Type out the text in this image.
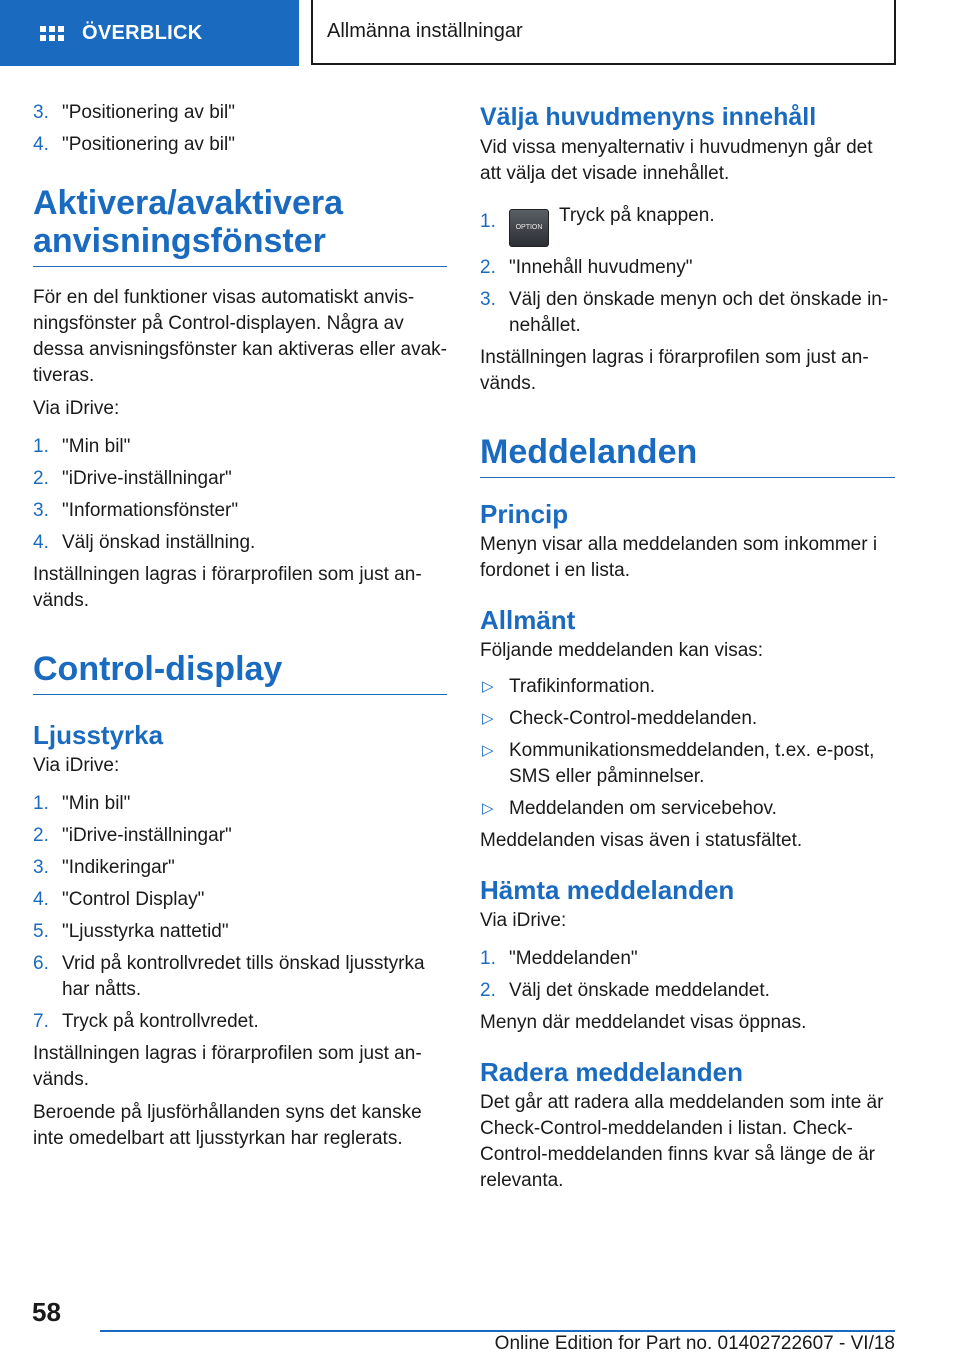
ÖVERBLICK	Allmänna inställningar
3. "Positionering av bil"
4. "Positionering av bil"
Aktivera/avaktivera anvisningsfönster

För en del funktioner visas automatiskt anvisningsfönster på Control-displayen. Några av dessa anvisningsfönster kan aktiveras eller avaktiveras.

Via iDrive:

1. "Min bil"
2. "iDrive-inställningar"
3. "Informationsfönster"
4. Välj önskad inställning.

Inställningen lagras i förarprofilen som just används.

Control-display
Ljusstyrka

Via iDrive:

1. "Min bil"
2. "iDrive-inställningar"
3. "Indikeringar"
4. "Control Display"
5. "Ljusstyrka nattetid"
6. Vrid på kontrollvredet tills önskad ljusstyrka har nåtts.
7. Tryck på kontrollvredet.

Inställningen lagras i förarprofilen som just används.

Beroende på ljusförhållanden syns det kanske inte omedelbart att ljusstyrkan har reglerats.

Välja huvudmenyns innehåll

Vid vissa menyalternativ i huvudmenyn går det att välja det visade innehållet.

1.	OPTIONTryck på knappen.
2. "Innehåll huvudmeny"
3. Välj den önskade menyn och det önskade innehållet.

Inställningen lagras i förarprofilen som just används.

Meddelanden
Princip

Menyn visar alla meddelanden som inkommer i fordonet i en lista.

Allmänt

Följande meddelanden kan visas:

▷ Trafikinformation.
▷ Check-Control-meddelanden.
▷ Kommunikationsmeddelanden, t.ex. e-post, SMS eller påminnelser.
▷ Meddelanden om servicebehov.

Meddelanden visas även i statusfältet.

Hämta meddelanden

Via iDrive:

1. "Meddelanden"
2. Välj det önskade meddelandet.

Menyn där meddelandet visas öppnas.

Radera meddelanden

Det går att radera alla meddelanden som inte är Check-Control-meddelanden i listan. Check-Control-meddelanden finns kvar så länge de är relevanta.

58
Online Edition for Part no. 01402722607 - VI/18
